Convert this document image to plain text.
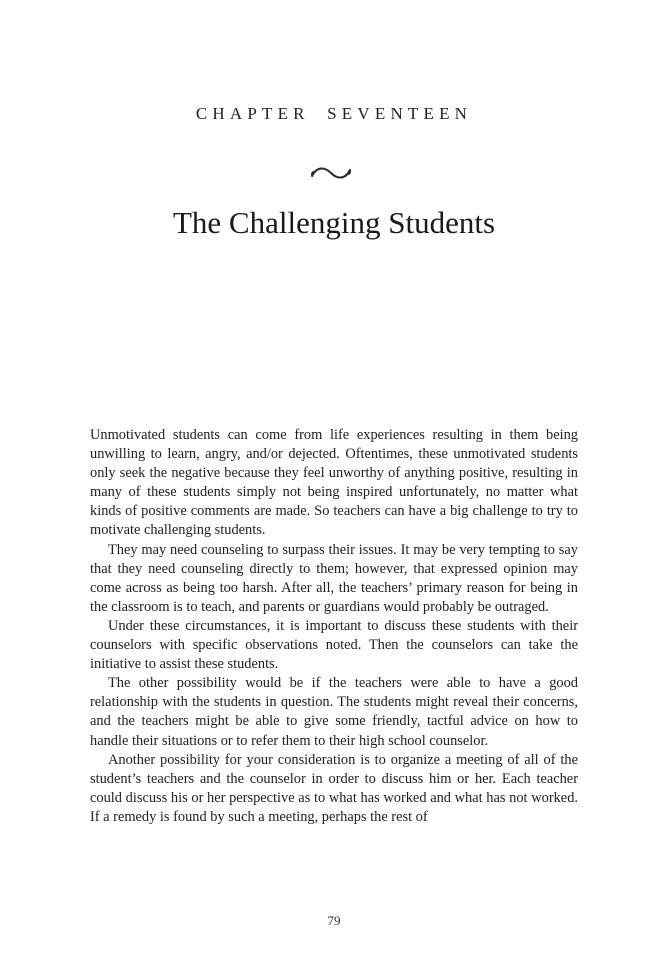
CHAPTER SEVENTEEN
The Challenging Students

Unmotivated students can come from life experiences resulting in them being unwilling to learn, angry, and/or dejected. Oftentimes, these unmotivated students only seek the negative because they feel unworthy of anything positive, resulting in many of these students simply not being inspired unfortunately, no matter what kinds of positive comments are made. So teachers can have a big challenge to try to motivate challenging students.

They may need counseling to surpass their issues. It may be very tempting to say that they need counseling directly to them; however, that expressed opinion may come across as being too harsh. After all, the teachers’ primary reason for being in the classroom is to teach, and parents or guardians would probably be outraged.

Under these circumstances, it is important to discuss these students with their counselors with specific observations noted. Then the counselors can take the initiative to assist these students.

The other possibility would be if the teachers were able to have a good relationship with the students in question. The students might reveal their concerns, and the teachers might be able to give some friendly, tactful advice on how to handle their situations or to refer them to their high school counselor.

Another possibility for your consideration is to organize a meeting of all of the student’s teachers and the counselor in order to discuss him or her. Each teacher could discuss his or her perspective as to what has worked and what has not worked. If a remedy is found by such a meeting, perhaps the rest of

79
